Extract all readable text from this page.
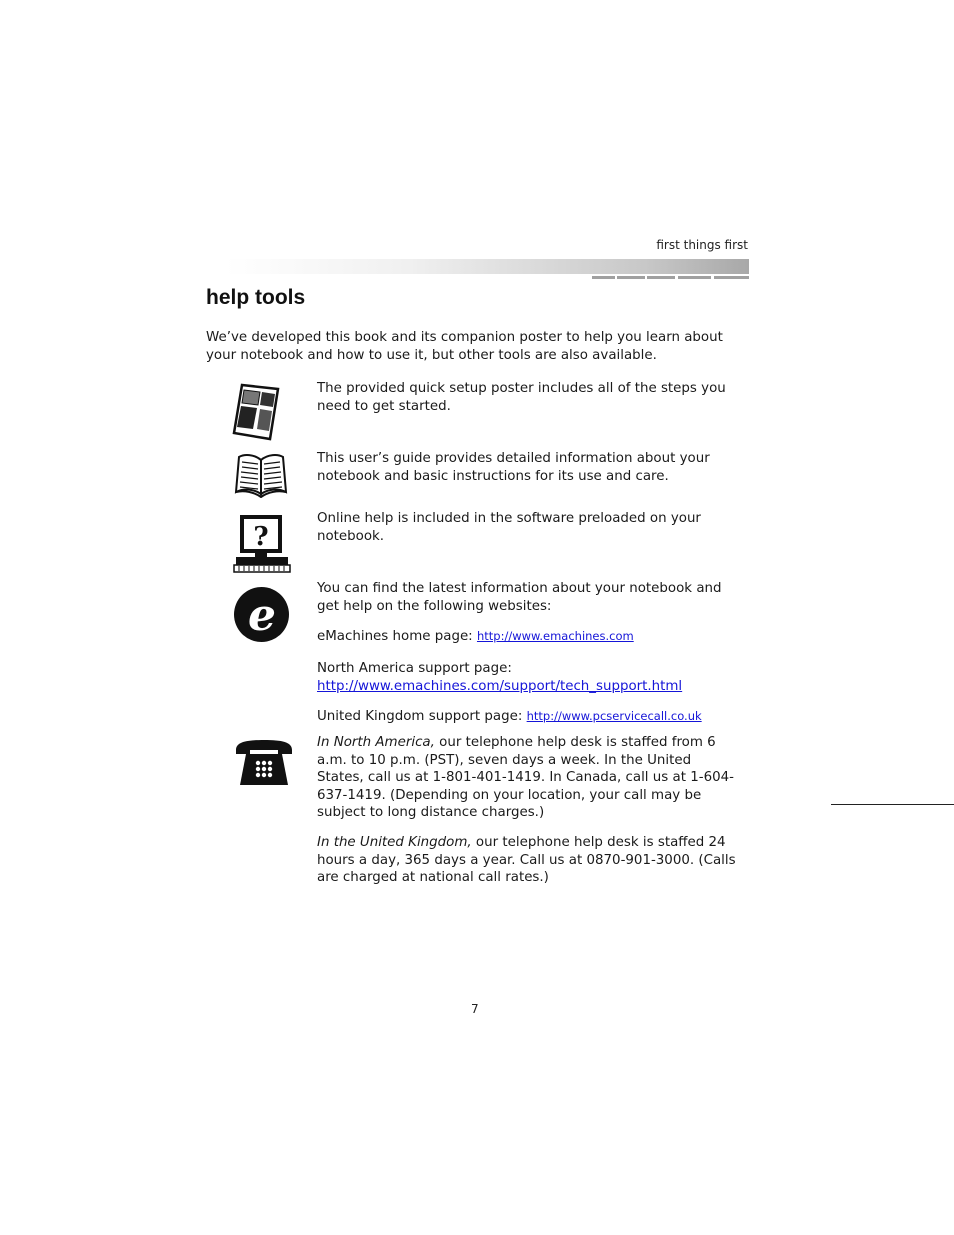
first things first
help tools

We’ve developed this book and its companion poster to help you learn about your notebook and how to use it, but other tools are also available.

The provided quick setup poster includes all of the steps you need to get started.

This user’s guide provides detailed information about your notebook and basic instructions for its use and care.

?

Online help is included in the software preloaded on your notebook.

e

You can find the latest information about your notebook and get help on the following websites:

eMachines home page: http://www.emachines.com

North America support page:
http://www.emachines.com/support/tech_support.html

United Kingdom support page: http://www.pcservicecall.co.uk

In North America, our telephone help desk is staffed from 6 a.m. to 10 p.m. (PST), seven days a week. In the United States, call us at 1-801-401-1419. In Canada, call us at 1-604-637-1419. (Depending on your location, your call may be subject to long distance charges.)

In the United Kingdom, our telephone help desk is staffed 24 hours a day, 365 days a year. Call us at 0870-901-3000. (Calls are charged at national call rates.)

7
